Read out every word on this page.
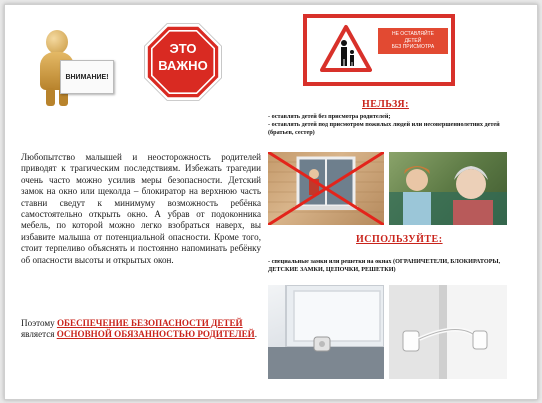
ВНИМАНИЕ!
ЭТО
ВАЖНО
НЕ ОСТАВЛЯЙТЕ
ДЕТЕЙ
БЕЗ ПРИСМОТРА
НЕЛЬЗЯ:
- оставлять детей без присмотра родителей;
- оставлять детей под присмотром пожилых людей или несовершеннолетних детей (братьев, сестер)
Любопытство малышей и неосторожность родителей приводят к трагическим последствиям. Избежать трагедии очень часто можно усилив меры безопасности. Детский замок на окно или щеколда – блокиратор на верхнюю часть ставни сведут к минимуму возможность ребёнка самостоятельно открыть окно. А убрав от подоконника мебель, по которой можно легко взобраться наверх, вы избавите малыша от потенциальной опасности. Кроме того, стоит терпеливо объяснять и постоянно напоминать ребёнку об опасности высоты и открытых окон.
Поэтому ОБЕСПЕЧЕНИЕ БЕЗОПАСНОСТИ ДЕТЕЙ
является ОСНОВНОЙ ОБЯЗАННОСТЬЮ РОДИТЕЛЕЙ.
ИСПОЛЬЗУЙТЕ:
- специальные замки или решетки на окнах (ОГРАНИЧЕТЕЛИ, БЛОКИРАТОРЫ, ДЕТСКИЕ ЗАМКИ, ЦЕПОЧКИ, РЕШЕТКИ)
